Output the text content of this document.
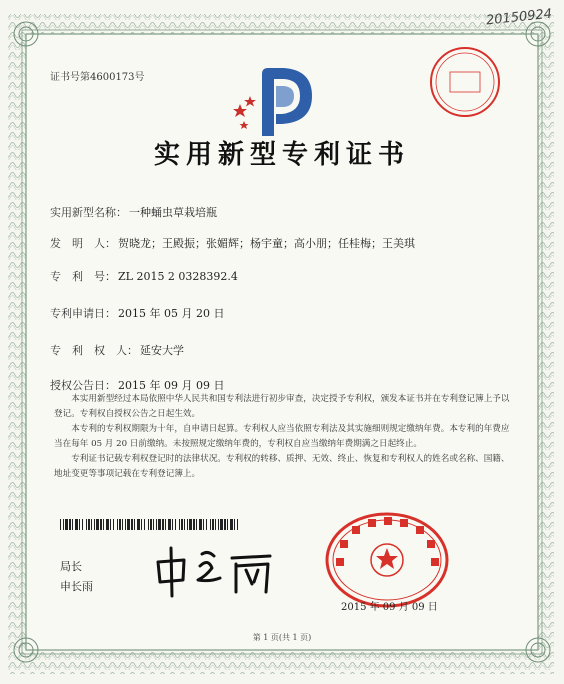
20150924
证书号第4600173号
实用新型专利证书
实用新型名称： 一种蛹虫草栽培瓶
发　明　人： 贺晓龙；王殿振；张媚辉；杨宇童；高小朋；任桂梅；王美琪
专　利　号： ZL 2015 2 0328392.4
专利申请日： 2015 年 05 月 20 日
专　利　权　人： 延安大学
授权公告日： 2015 年 09 月 09 日

本实用新型经过本局依照中华人民共和国专利法进行初步审查，决定授予专利权，颁发本证书并在专利登记簿上予以登记。专利权自授权公告之日起生效。

本专利的专利权期限为十年，自申请日起算。专利权人应当依照专利法及其实施细则规定缴纳年费。本专利的年费应当在每年 05 月 20 日前缴纳。未按照规定缴纳年费的，专利权自应当缴纳年费期满之日起终止。

专利证书记载专利权登记时的法律状况。专利权的转移、质押、无效、终止、恢复和专利权人的姓名或名称、国籍、地址变更等事项记载在专利登记簿上。

局长
申长雨
2015 年 09 月 09 日
第 1 页(共 1 页)
